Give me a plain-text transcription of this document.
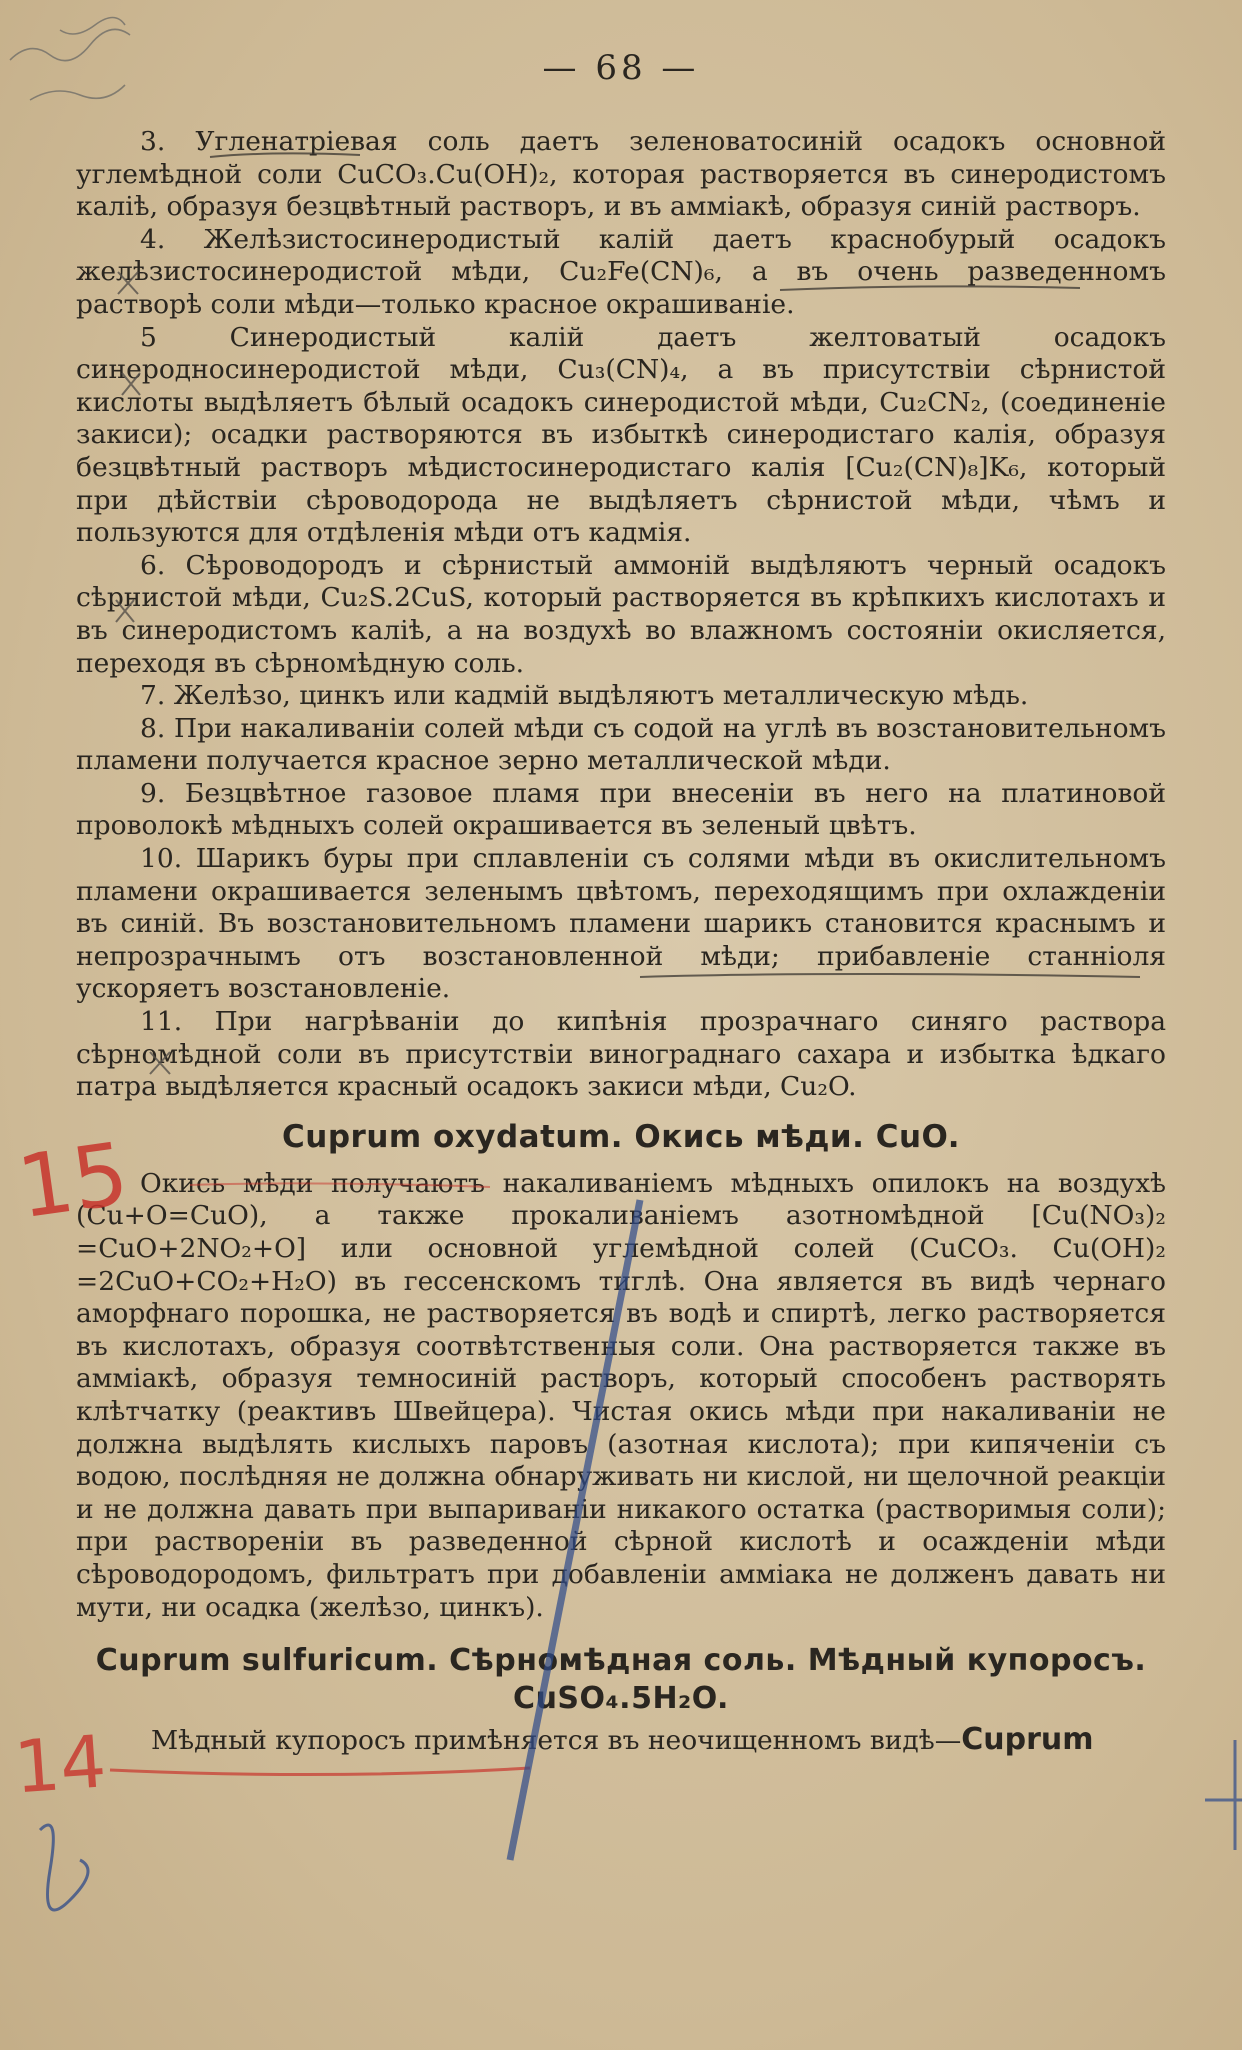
— 68 —

3. Угленатрiевая соль даетъ зеленоватосинiй осадокъ основной углемѣдной соли CuCO₃.Cu(OH)₂, которая растворяется въ синеродистомъ калiѣ, образуя безцвѣтный растворъ, и въ амміакѣ, образуя синiй растворъ.

4. Желѣзистосинеродистый калiй даетъ краснобурый осадокъ желѣзистосинеродистой мѣди, Cu₂Fe(CN)₆, а въ очень разведенномъ растворѣ соли мѣди—только красное окрашиванiе.

5 Синеродистый калiй даетъ желтоватый осадокъ синеродносинеродистой мѣди, Cu₃(CN)₄, а въ присутствiи сѣрнистой кислоты выдѣляетъ бѣлый осадокъ синеродистой мѣди, Cu₂CN₂, (соединенiе закиси); осадки растворяются въ избыткѣ синеродистаго калiя, образуя безцвѣтный растворъ мѣдистосинеродистаго калiя [Cu₂(CN)₈]K₆, который при дѣйствiи сѣроводорода не выдѣляетъ сѣрнистой мѣди, чѣмъ и пользуются для отдѣленiя мѣди отъ кадмiя.

6. Сѣроводородъ и сѣрнистый аммонiй выдѣляютъ черный осадокъ сѣрнистой мѣди, Cu₂S.2CuS, который растворяется въ крѣпкихъ кислотахъ и въ синеродистомъ калiѣ, а на воздухѣ во влажномъ состоянiи окисляется, переходя въ сѣрномѣдную соль.

7. Желѣзо, цинкъ или кадмiй выдѣляютъ металлическую мѣдь.

8. При накаливанiи солей мѣди съ содой на углѣ въ возстановительномъ пламени получается красное зерно металлической мѣди.

9. Безцвѣтное газовое пламя при внесенiи въ него на платиновой проволокѣ мѣдныхъ солей окрашивается въ зеленый цвѣтъ.

10. Шарикъ буры при сплавленiи съ солями мѣди въ окислительномъ пламени окрашивается зеленымъ цвѣтомъ, переходящимъ при охлажденiи въ синiй. Въ возстановительномъ пламени шарикъ становится краснымъ и непрозрачнымъ отъ возстановленной мѣди; прибавленiе станнiоля ускоряетъ возстановленiе.

11. При нагрѣванiи до кипѣнiя прозрачнаго синяго раствора сѣрномѣдной соли въ присутствiи винограднаго сахара и избытка ѣдкаго патра выдѣляется красный осадокъ закиси мѣди, Cu₂O.

Cuprum oxydatum. Окись мѣди. CuO.

Окись мѣди получаютъ накаливанiемъ мѣдныхъ опилокъ на воздухѣ (Cu+O=CuO), а также прокаливанiемъ азотномѣдной [Cu(NO₃)₂ =CuO+2NO₂+O] или основной углемѣдной солей (CuCO₃. Cu(OH)₂ =2CuO+CO₂+H₂O) въ гессенскомъ тиглѣ. Она является въ видѣ чернаго аморфнаго порошка, не растворяется въ водѣ и спиртѣ, легко растворяется въ кислотахъ, образуя соотвѣтственныя соли. Она растворяется также въ амміакѣ, образуя темносинiй растворъ, который способенъ растворять клѣтчатку (реактивъ Швейцера). Чистая окись мѣди при накаливанiи не должна выдѣлять кислыхъ паровъ (азотная кислота); при кипяченiи съ водою, послѣдняя не должна обнаруживать ни кислой, ни щелочной реакцiи и не должна давать при выпариванiи никакого остатка (растворимыя соли); при растворенiи въ разведенной сѣрной кислотѣ и осажденiи мѣди сѣроводородомъ, фильтратъ при добавленiи амміака не долженъ давать ни мути, ни осадка (желѣзо, цинкъ).

Cuprum sulfuricum. Сѣрномѣдная соль. Мѣдный купоросъ. CuSO₄.5H₂O.

Мѣдный купоросъ примѣняется въ неочищенномъ видѣ—Cuprum

15
14
